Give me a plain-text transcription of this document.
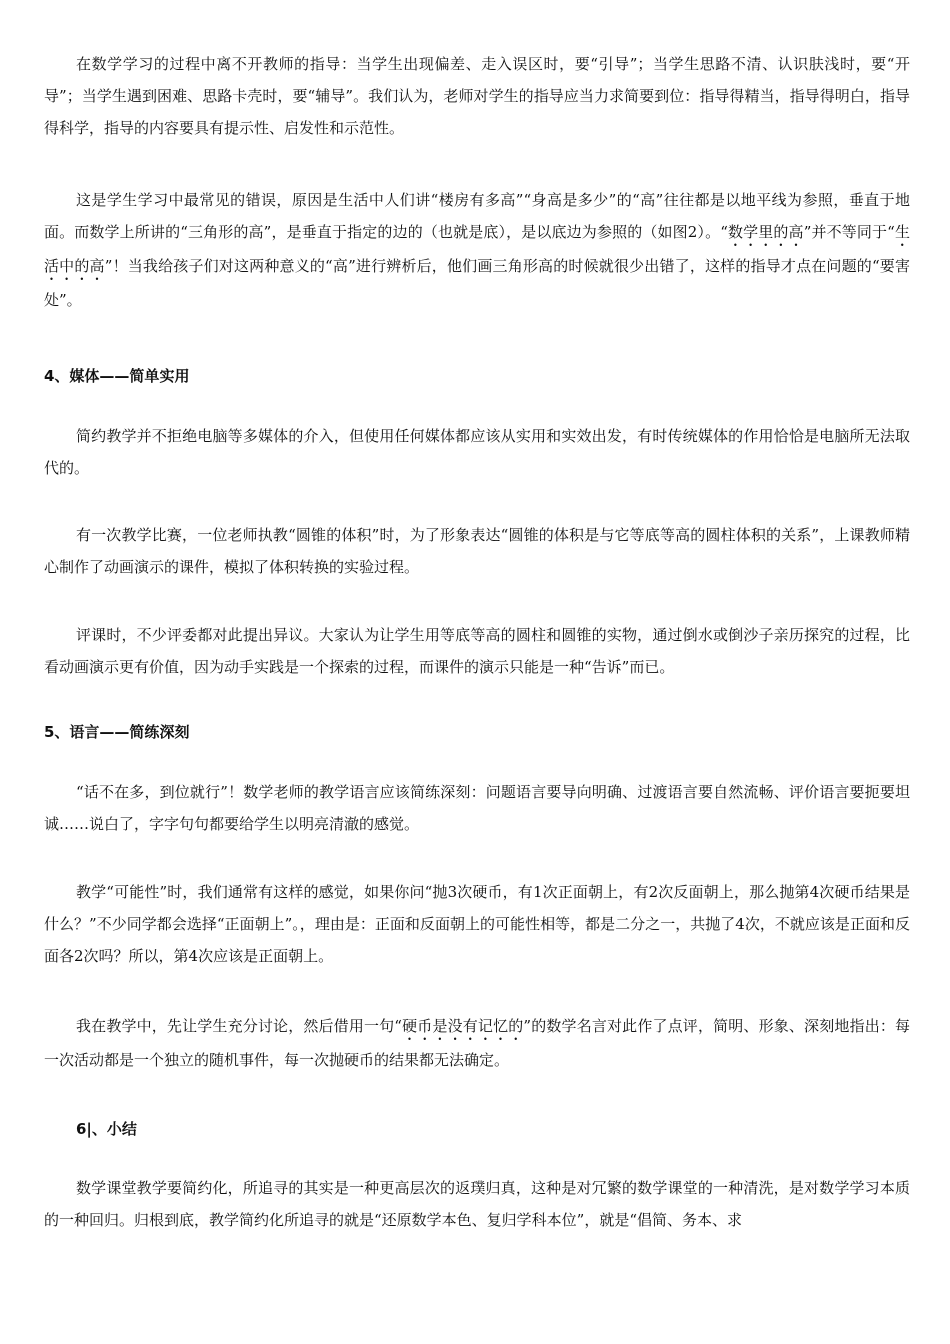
在数学学习的过程中离不开教师的指导：当学生出现偏差、走入误区时，要“引导”；当学生思路不清、认识肤浅时，要“开导”；当学生遇到困难、思路卡壳时，要“辅导”。我们认为，老师对学生的指导应当力求简要到位：指导得精当，指导得明白，指导得科学，指导的内容要具有提示性、启发性和示范性。

这是学生学习中最常见的错误，原因是生活中人们讲“楼房有多高”“身高是多少”的“高”往往都是以地平线为参照，垂直于地面。而数学上所讲的“三角形的高”，是垂直于指定的边的（也就是底），是以底边为参照的（如图2）。“数学里的高”并不等同于“生活中的高”！当我给孩子们对这两种意义的“高”进行辨析后，他们画三角形高的时候就很少出错了，这样的指导才点在问题的“要害处”。

4、媒体——简单实用

简约教学并不拒绝电脑等多媒体的介入，但使用任何媒体都应该从实用和实效出发，有时传统媒体的作用恰恰是电脑所无法取代的。

有一次教学比赛，一位老师执教“圆锥的体积”时，为了形象表达“圆锥的体积是与它等底等高的圆柱体积的关系”，上课教师精心制作了动画演示的课件，模拟了体积转换的实验过程。

评课时，不少评委都对此提出异议。大家认为让学生用等底等高的圆柱和圆锥的实物，通过倒水或倒沙子亲历探究的过程，比看动画演示更有价值，因为动手实践是一个探索的过程，而课件的演示只能是一种“告诉”而已。

5、语言——简练深刻

“话不在多，到位就行”！数学老师的教学语言应该简练深刻：问题语言要导向明确、过渡语言要自然流畅、评价语言要扼要坦诚……说白了，字字句句都要给学生以明亮清澈的感觉。

教学“可能性”时，我们通常有这样的感觉，如果你问“抛3次硬币，有1次正面朝上，有2次反面朝上，那么抛第4次硬币结果是什么？”不少同学都会选择“正面朝上”。，理由是：正面和反面朝上的可能性相等，都是二分之一，共抛了4次，不就应该是正面和反面各2次吗？所以，第4次应该是正面朝上。

我在教学中，先让学生充分讨论，然后借用一句“硬币是没有记忆的”的数学名言对此作了点评，简明、形象、深刻地指出：每一次活动都是一个独立的随机事件，每一次抛硬币的结果都无法确定。

6|、小结

数学课堂教学要简约化，所追寻的其实是一种更高层次的返璞归真，这种是对冗繁的数学课堂的一种清洗，是对数学学习本质的一种回归。归根到底，教学简约化所追寻的就是“还原数学本色、复归学科本位”，就是“倡简、务本、求
